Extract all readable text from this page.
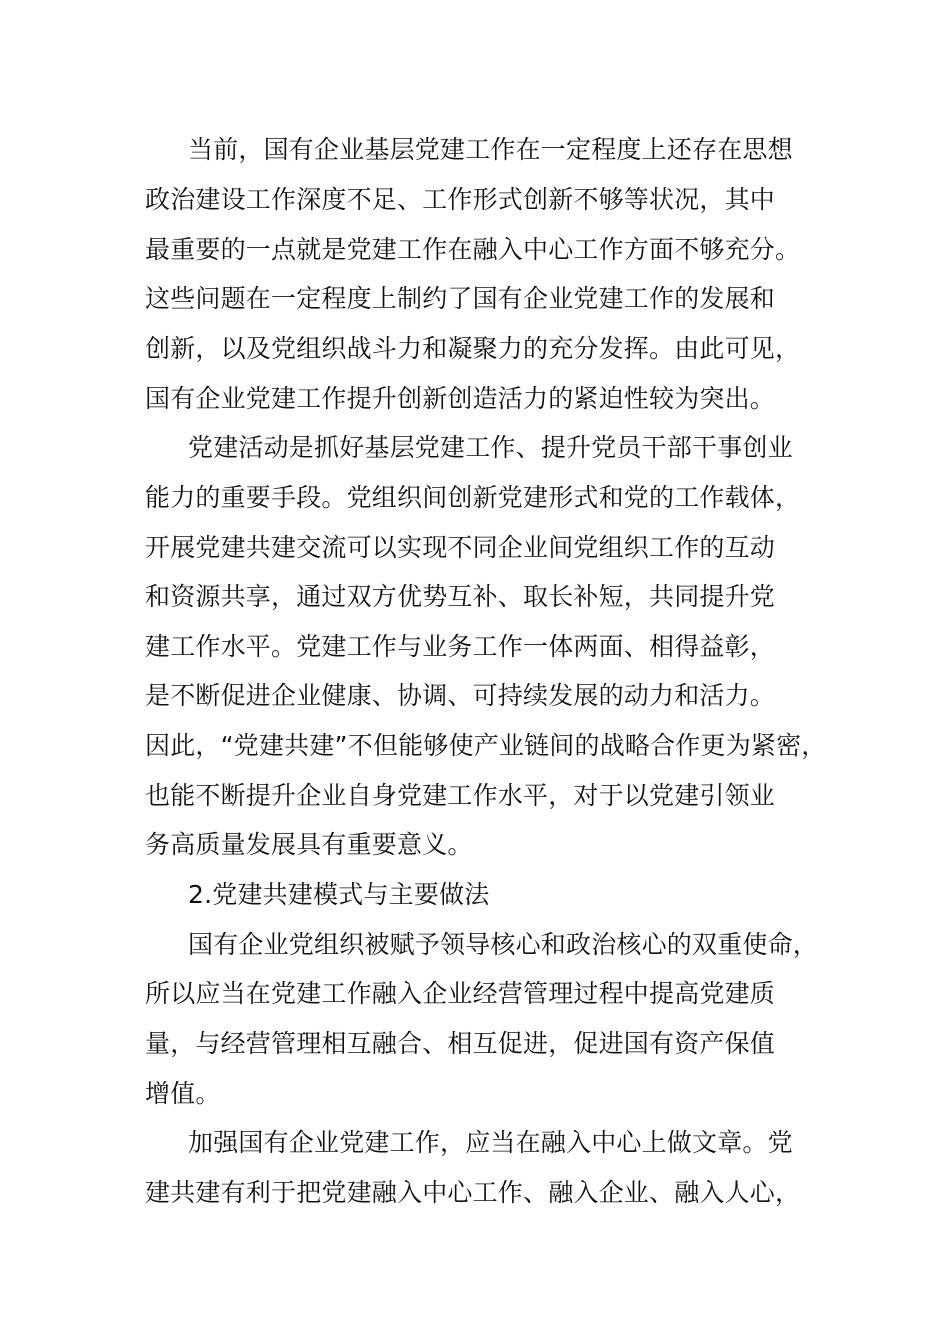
当前，国有企业基层党建工作在一定程度上还存在思想
政治建设工作深度不足、工作形式创新不够等状况，其中
最重要的一点就是党建工作在融入中心工作方面不够充分。
这些问题在一定程度上制约了国有企业党建工作的发展和
创新，以及党组织战斗力和凝聚力的充分发挥。由此可见，
国有企业党建工作提升创新创造活力的紧迫性较为突出。
党建活动是抓好基层党建工作、提升党员干部干事创业
能力的重要手段。党组织间创新党建形式和党的工作载体，
开展党建共建交流可以实现不同企业间党组织工作的互动
和资源共享，通过双方优势互补、取长补短，共同提升党
建工作水平。党建工作与业务工作一体两面、相得益彰，
是不断促进企业健康、协调、可持续发展的动力和活力。
因此，“党建共建”不但能够使产业链间的战略合作更为紧密，
也能不断提升企业自身党建工作水平，对于以党建引领业
务高质量发展具有重要意义。
2.党建共建模式与主要做法
国有企业党组织被赋予领导核心和政治核心的双重使命，
所以应当在党建工作融入企业经营管理过程中提高党建质
量，与经营管理相互融合、相互促进，促进国有资产保值
增值。
加强国有企业党建工作，应当在融入中心上做文章。党
建共建有利于把党建融入中心工作、融入企业、融入人心，
